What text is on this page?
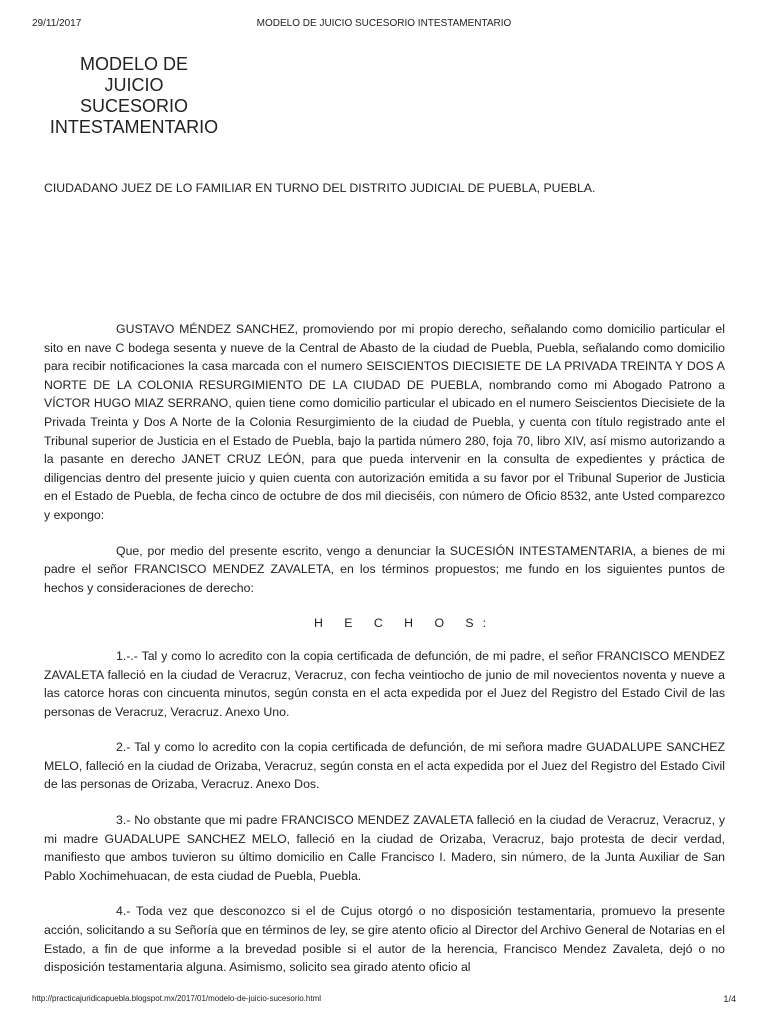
29/11/2017	MODELO DE JUICIO SUCESORIO INTESTAMENTARIO
MODELO DE
JUICIO
SUCESORIO
INTESTAMENTARIO
CIUDADANO JUEZ DE LO FAMILIAR EN TURNO DEL DISTRITO JUDICIAL DE PUEBLA, PUEBLA.

GUSTAVO MÉNDEZ SANCHEZ, promoviendo por mi propio derecho, señalando como domicilio particular el sito en nave C bodega sesenta y nueve de la Central de Abasto de la ciudad de Puebla, Puebla, señalando como domicilio para recibir notificaciones la casa marcada con el numero SEISCIENTOS DIECISIETE DE LA PRIVADA TREINTA Y DOS A NORTE DE LA COLONIA RESURGIMIENTO DE LA CIUDAD DE PUEBLA, nombrando como mi Abogado Patrono a VÍCTOR HUGO MIAZ SERRANO, quien tiene como domicilio particular el ubicado en el numero Seiscientos Diecisiete de la Privada Treinta y Dos A Norte de la Colonia Resurgimiento de la ciudad de Puebla, y cuenta con título registrado ante el Tribunal superior de Justicia en el Estado de Puebla, bajo la partida número 280, foja 70, libro XIV, así mismo autorizando a la pasante en derecho JANET CRUZ LEÓN, para que pueda intervenir en la consulta de expedientes y práctica de diligencias dentro del presente juicio y quien cuenta con autorización emitida a su favor por el Tribunal Superior de Justicia en el Estado de Puebla, de fecha cinco de octubre de dos mil dieciséis, con número de Oficio 8532, ante Usted comparezco y expongo:

Que, por medio del presente escrito, vengo a denunciar la SUCESIÓN INTESTAMENTARIA, a bienes de mi padre el señor FRANCISCO MENDEZ ZAVALETA, en los términos propuestos; me fundo en los siguientes puntos de hechos y consideraciones de derecho:

H E C H O S:

1.-.- Tal y como lo acredito con la copia certificada de defunción, de mi padre, el señor FRANCISCO MENDEZ ZAVALETA falleció en la ciudad de Veracruz, Veracruz, con fecha veintiocho de junio de mil novecientos noventa y nueve a las catorce horas con cincuenta minutos, según consta en el acta expedida por el Juez del Registro del Estado Civil de las personas de Veracruz, Veracruz. Anexo Uno.

2.- Tal y como lo acredito con la copia certificada de defunción, de mi señora madre GUADALUPE SANCHEZ MELO, falleció en la ciudad de Orizaba, Veracruz, según consta en el acta expedida por el Juez del Registro del Estado Civil de las personas de Orizaba, Veracruz. Anexo Dos.

3.- No obstante que mi padre FRANCISCO MENDEZ ZAVALETA falleció en la ciudad de Veracruz, Veracruz, y mi madre GUADALUPE SANCHEZ MELO, falleció en la ciudad de Orizaba, Veracruz, bajo protesta de decir verdad, manifiesto que ambos tuvieron su último domicilio en Calle Francisco I. Madero, sin número, de la Junta Auxiliar de San Pablo Xochimehuacan, de esta ciudad de Puebla, Puebla.

4.- Toda vez que desconozco si el de Cujus otorgó o no disposición testamentaria, promuevo la presente acción, solicitando a su Señoría que en términos de ley, se gire atento oficio al Director del Archivo General de Notarias en el Estado, a fin de que informe a la brevedad posible si el autor de la herencia, Francisco Mendez Zavaleta, dejó o no disposición testamentaria alguna. Asimismo, solicito sea girado atento oficio al

http://practicajuridicapuebla.blogspot.mx/2017/01/modelo-de-juicio-sucesorio.html	1/4
